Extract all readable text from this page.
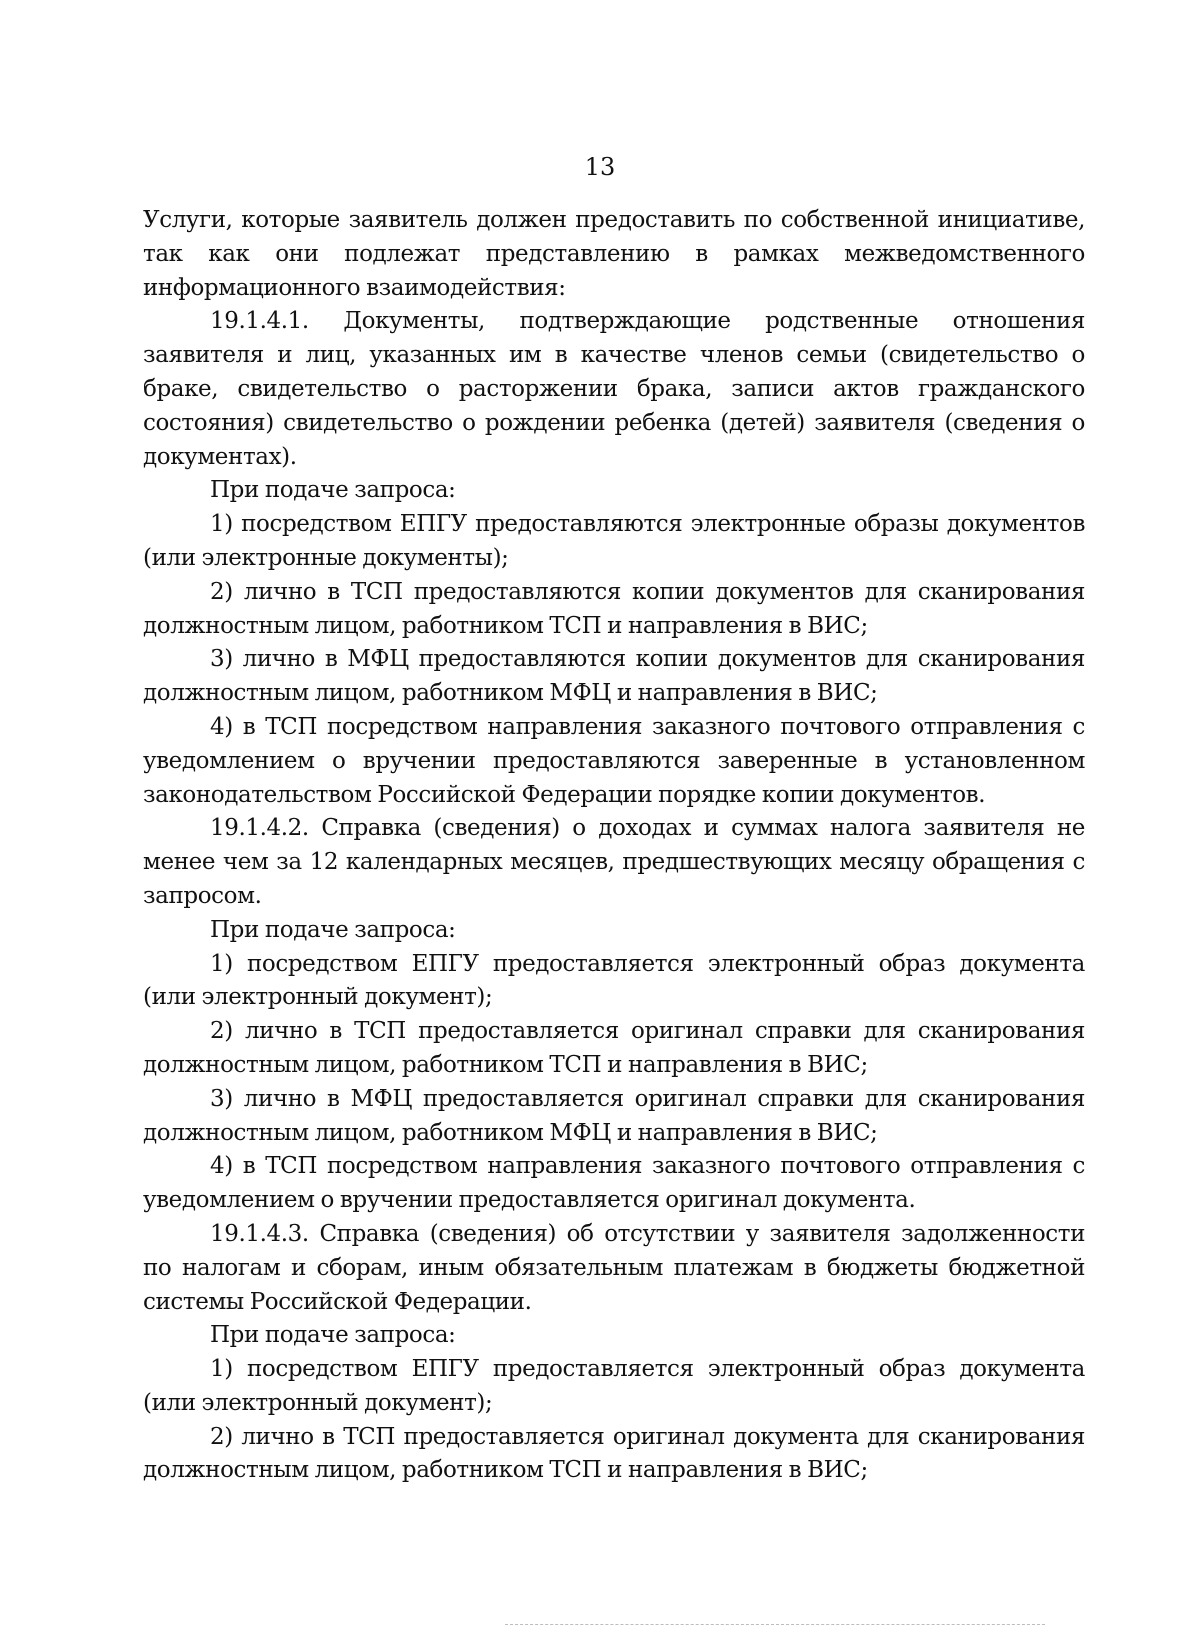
13

Услуги, которые заявитель должен предоставить по собственной инициативе, так как они подлежат представлению в рамках межведомственного информационного взаимодействия:

19.1.4.1. Документы, подтверждающие родственные отношения заявителя и лиц, указанных им в качестве членов семьи (свидетельство о браке, свидетельство о расторжении брака, записи актов гражданского состояния) свидетельство о рождении ребенка (детей) заявителя (сведения о документах).

При подаче запроса:

1) посредством ЕПГУ предоставляются электронные образы документов (или электронные документы);

2) лично в ТСП предоставляются копии документов для сканирования должностным лицом, работником ТСП и направления в ВИС;

3) лично в МФЦ предоставляются копии документов для сканирования должностным лицом, работником МФЦ и направления в ВИС;

4) в ТСП посредством направления заказного почтового отправления с уведомлением о вручении предоставляются заверенные в установленном законодательством Российской Федерации порядке копии документов.

19.1.4.2. Справка (сведения) о доходах и суммах налога заявителя не менее чем за 12 календарных месяцев, предшествующих месяцу обращения с запросом.

При подаче запроса:

1) посредством ЕПГУ предоставляется электронный образ документа (или электронный документ);

2) лично в ТСП предоставляется оригинал справки для сканирования должностным лицом, работником ТСП и направления в ВИС;

3) лично в МФЦ предоставляется оригинал справки для сканирования должностным лицом, работником МФЦ и направления в ВИС;

4) в ТСП посредством направления заказного почтового отправления с уведомлением о вручении предоставляется оригинал документа.

19.1.4.3. Справка (сведения) об отсутствии у заявителя задолженности по налогам и сборам, иным обязательным платежам в бюджеты бюджетной системы Российской Федерации.

При подаче запроса:

1) посредством ЕПГУ предоставляется электронный образ документа (или электронный документ);

2) лично в ТСП предоставляется оригинал документа для сканирования должностным лицом, работником ТСП и направления в ВИС;
